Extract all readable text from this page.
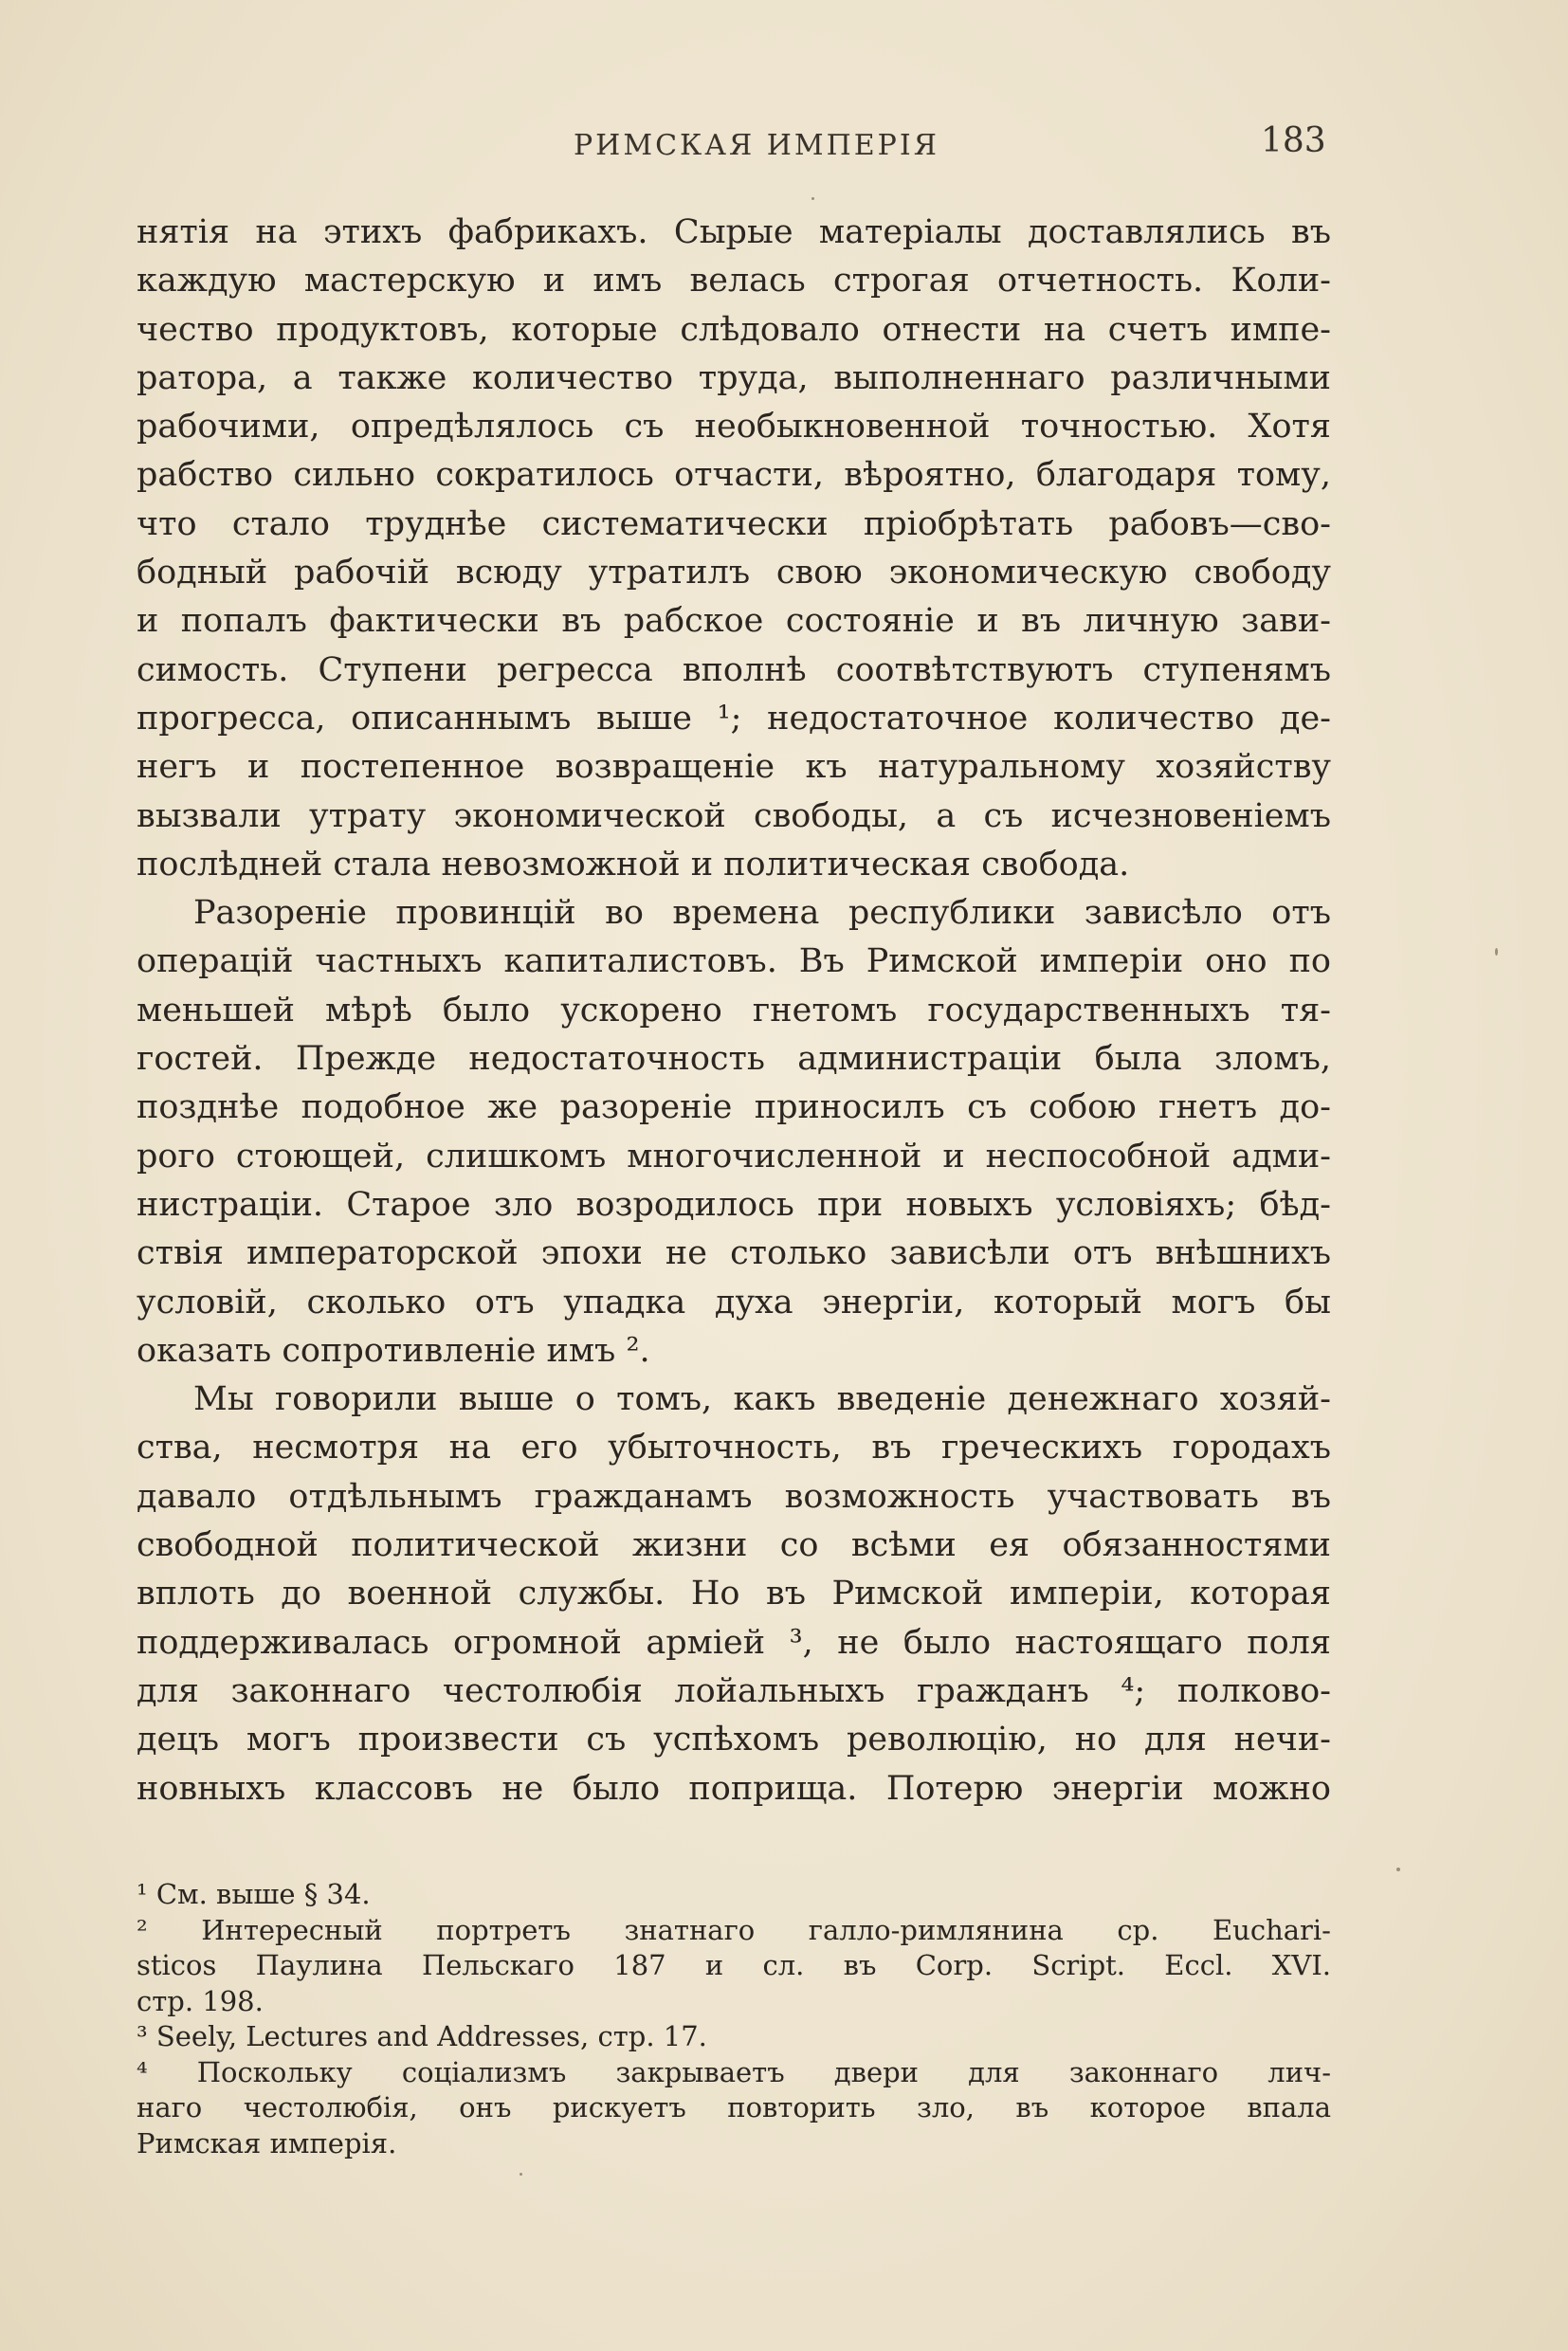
РИМСКАЯ ИМПЕРІЯ	183
нятія на этихъ фабрикахъ. Сырые матеріалы доставлялись въ
каждую мастерскую и имъ велась строгая отчетность. Коли-
чество продуктовъ, которые слѣдовало отнести на счетъ импе-
ратора, а также количество труда, выполненнаго различными
рабочими, опредѣлялось съ необыкновенной точностью. Хотя
рабство сильно сократилось отчасти, вѣроятно, благодаря тому,
что стало труднѣе систематически пріобрѣтать рабовъ—сво-
бодный рабочій всюду утратилъ свою экономическую свободу
и попалъ фактически въ рабское состояніе и въ личную зави-
симость. Ступени регресса вполнѣ соотвѣтствуютъ ступенямъ
прогресса, описаннымъ выше ¹; недостаточное количество де-
негъ и постепенное возвращеніе къ натуральному хозяйству
вызвали утрату экономической свободы, а съ исчезновеніемъ
послѣдней стала невозможной и политическая свобода.
Разореніе провинцій во времена республики зависѣло отъ
операцій частныхъ капиталистовъ. Въ Римской имперіи оно по
меньшей мѣрѣ было ускорено гнетомъ государственныхъ тя-
гостей. Прежде недостаточность администраціи была зломъ,
позднѣе подобное же разореніе приносилъ съ собою гнетъ до-
рого стоющей, слишкомъ многочисленной и неспособной адми-
нистраціи. Старое зло возродилось при новыхъ условіяхъ; бѣд-
ствія императорской эпохи не столько зависѣли отъ внѣшнихъ
условій, сколько отъ упадка духа энергіи, который могъ бы
оказать сопротивленіе имъ ².
Мы говорили выше о томъ, какъ введеніе денежнаго хозяй-
ства, несмотря на его убыточность, въ греческихъ городахъ
давало отдѣльнымъ гражданамъ возможность участвовать въ
свободной политической жизни со всѣми ея обязанностями
вплоть до военной службы. Но въ Римской имперіи, которая
поддерживалась огромной арміей ³, не было настоящаго поля
для законнаго честолюбія лойальныхъ гражданъ ⁴; полково-
децъ могъ произвести съ успѣхомъ революцію, но для нечи-
новныхъ классовъ не было поприща. Потерю энергіи можно
¹ См. выше § 34.
² Интересный портретъ знатнаго галло-римлянина ср. Euchari-
sticos Паулина Пельскаго 187 и сл. въ Corp. Script. Eccl. XVI.
стр. 198.
³ Seely, Lectures and Addresses, стр. 17.
⁴ Поскольку соціализмъ закрываетъ двери для законнаго лич-
наго честолюбія, онъ рискуетъ повторить зло, въ которое впала
Римская имперія.
